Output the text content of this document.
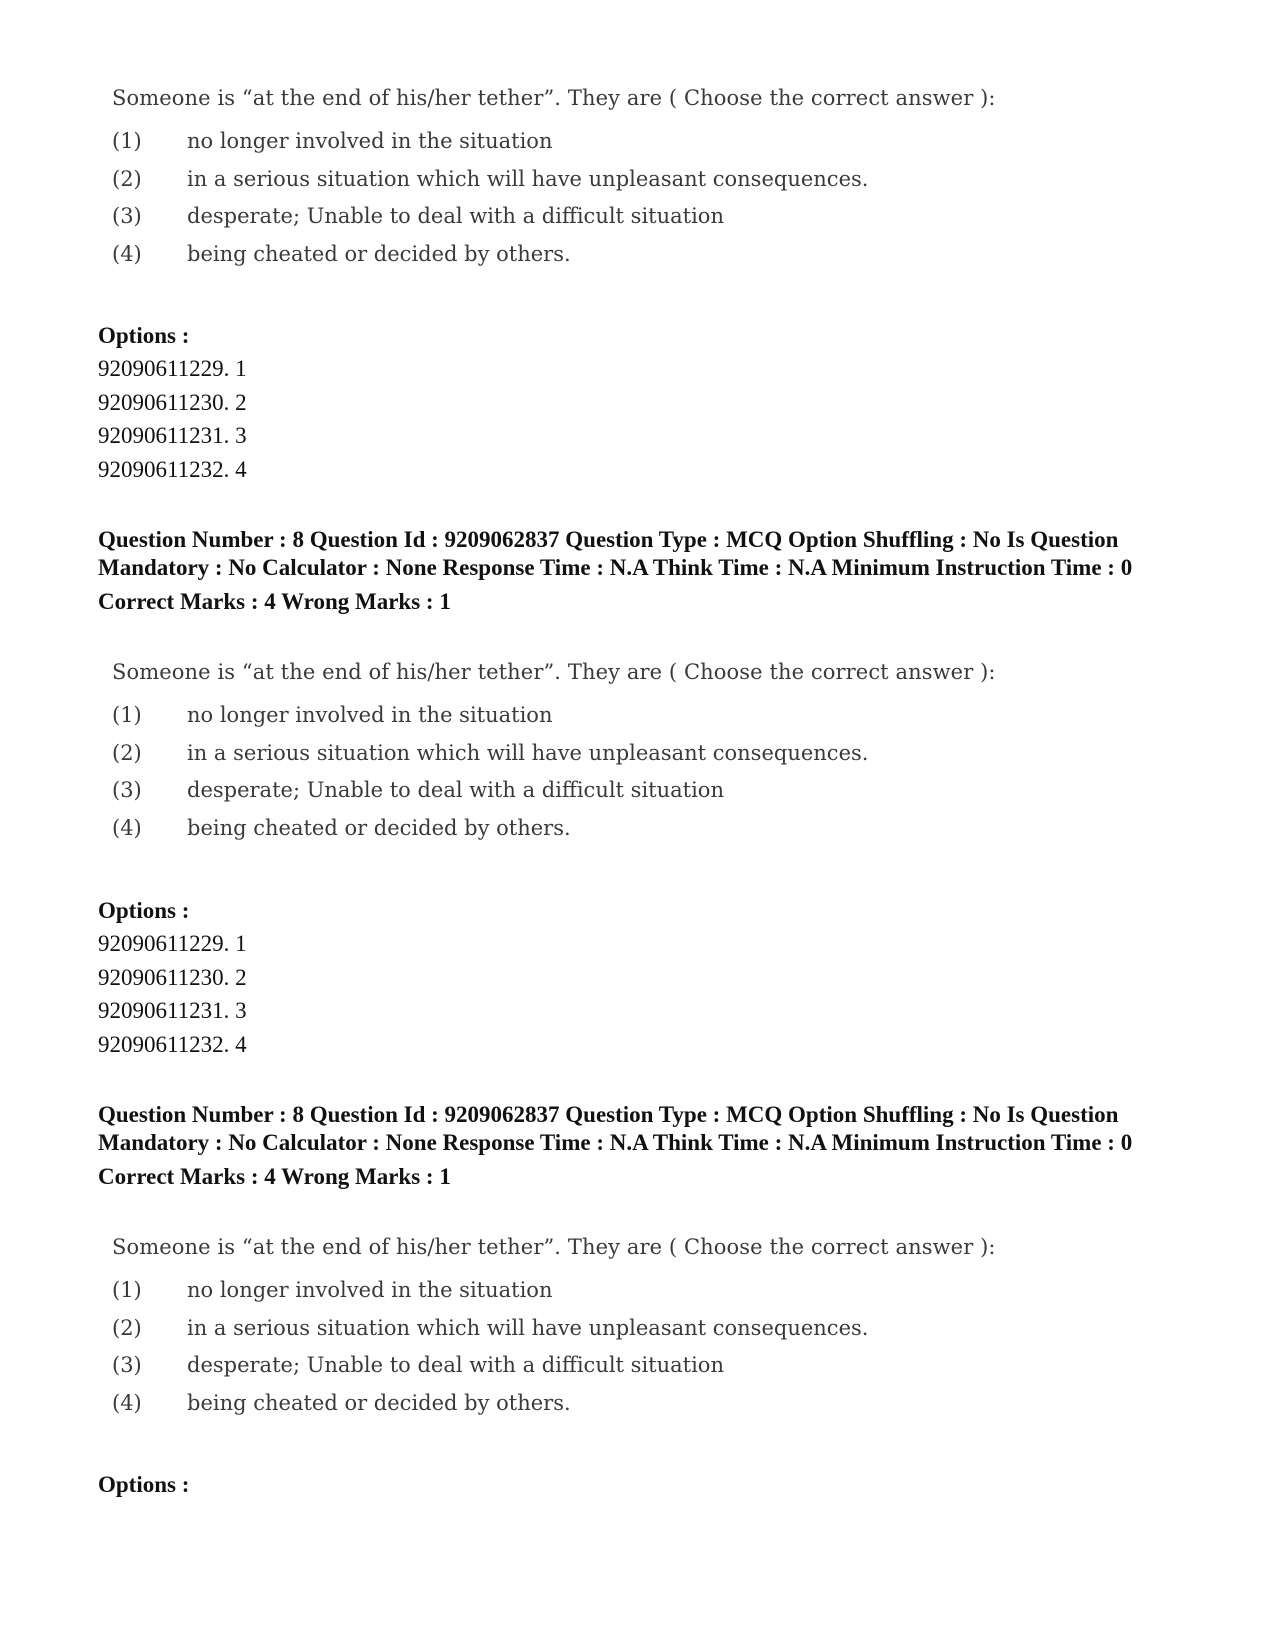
Someone is “at the end of his/her tether”. They are ( Choose the correct answer ):

(1)	no longer involved in the situation
(2)	in a serious situation which will have unpleasant consequences.
(3)	desperate; Unable to deal with a difficult situation
(4)	being cheated or decided by others.
Options :
92090611229. 1
92090611230. 2
92090611231. 3
92090611232. 4
Question Number : 8 Question Id : 9209062837 Question Type : MCQ Option Shuffling : No Is Question Mandatory : No Calculator : None Response Time : N.A Think Time : N.A Minimum Instruction Time : 0
Correct Marks : 4 Wrong Marks : 1

Someone is “at the end of his/her tether”. They are ( Choose the correct answer ):

(1)	no longer involved in the situation
(2)	in a serious situation which will have unpleasant consequences.
(3)	desperate; Unable to deal with a difficult situation
(4)	being cheated or decided by others.
Options :
92090611229. 1
92090611230. 2
92090611231. 3
92090611232. 4
Question Number : 8 Question Id : 9209062837 Question Type : MCQ Option Shuffling : No Is Question Mandatory : No Calculator : None Response Time : N.A Think Time : N.A Minimum Instruction Time : 0
Correct Marks : 4 Wrong Marks : 1

Someone is “at the end of his/her tether”. They are ( Choose the correct answer ):

(1)	no longer involved in the situation
(2)	in a serious situation which will have unpleasant consequences.
(3)	desperate; Unable to deal with a difficult situation
(4)	being cheated or decided by others.
Options :
